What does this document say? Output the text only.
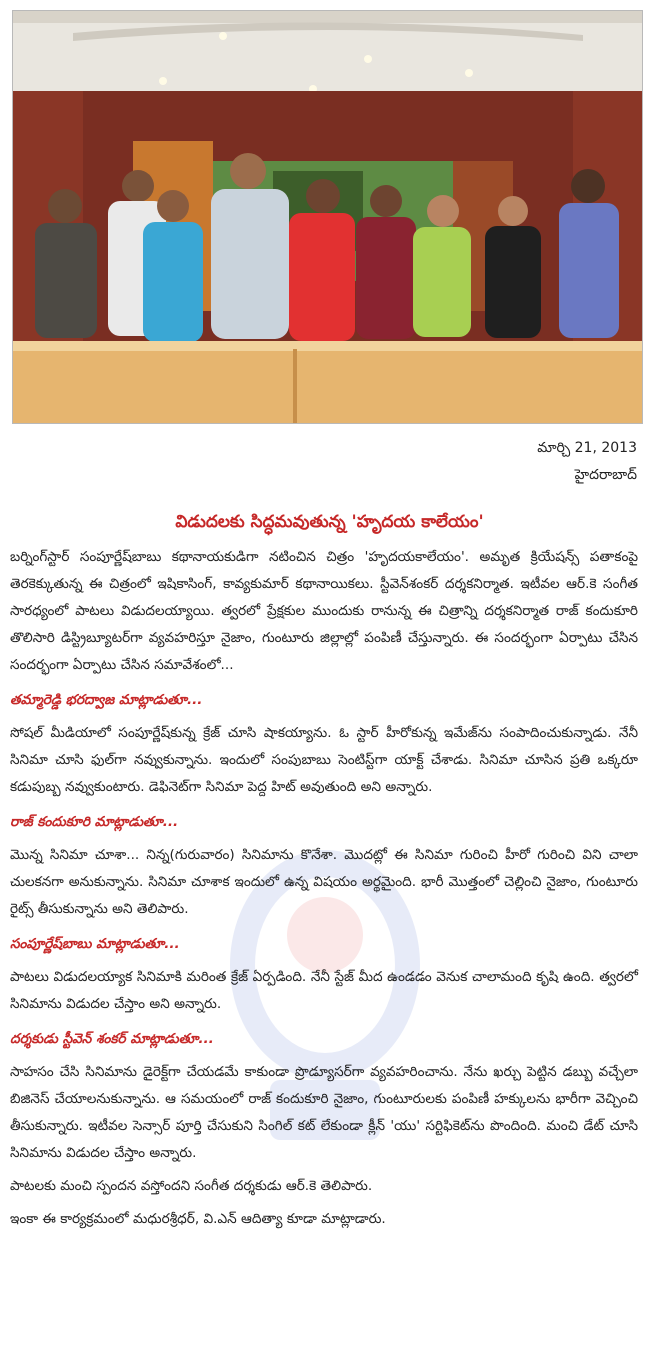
మార్చి 21, 2013
హైదరాబాద్
విడుదలకు సిద్ధమవుతున్న 'హృదయ కాలేయం'

బర్నింగ్‌స్టార్ సంపూర్ణేష్‌బాబు కథానాయకుడిగా నటించిన చిత్రం 'హృదయకాలేయం'. అమృత క్రియేషన్స్ పతాకంపై తెరకెక్కుతున్న ఈ చిత్రంలో ఇషికాసింగ్, కావ్యకుమార్ కథానాయికలు. స్టీవెన్‌శంకర్ దర్శకనిర్మాత. ఇటీవల ఆర్.కె సంగీత సారధ్యంలో పాటలు విడుదలయ్యాయి. త్వరలో ప్రేక్షకుల ముందుకు రానున్న ఈ చిత్రాన్ని దర్శకనిర్మాత రాజ్ కందుకూరి తొలిసారి డిస్ట్రిబ్యూటర్‌గా వ్యవహరిస్తూ నైజాం, గుంటూరు జిల్లాల్లో పంపిణీ చేస్తున్నారు. ఈ సందర్భంగా ఏర్పాటు చేసిన సందర్భంగా ఏర్పాటు చేసిన సమావేశంలో...

తమ్మారెడ్డి భరద్వాజ మాట్లాడుతూ...

సోషల్ మీడియాలో సంపూర్ణేష్‌కున్న క్రేజ్ చూసి షాకయ్యాను. ఓ స్టార్ హీరోకున్న ఇమేజ్‌ను సంపాదించుకున్నాడు. నేనీ సినిమా చూసి ఫుల్‌గా నవ్వుకున్నాను. ఇందులో సంపుబాబు సెంటిస్ట్‌గా యాక్ట్ చేశాడు. సినిమా చూసిన ప్రతి ఒక్కరూ కడుపుబ్బ నవ్వుకుంటారు. డెఫినెట్‌గా సినిమా పెద్ద హిట్ అవుతుంది అని అన్నారు.

రాజ్ కందుకూరి మాట్లాడుతూ...

మొన్న సినిమా చూశా... నిన్న(గురువారం) సినిమాను కొనేశా. మొదట్లో ఈ సినిమా గురించి హీరో గురించి విని చాలా చులకనగా అనుకున్నాను. సినిమా చూశాక ఇందులో ఉన్న విషయం అర్థమైంది. భారీ మొత్తంలో చెల్లించి నైజాం, గుంటూరు రైట్స్ తీసుకున్నాను అని తెలిపారు.

సంపూర్ణేష్‌బాబు మాట్లాడుతూ...

పాటలు విడుదలయ్యాక సినిమాకి మరింత క్రేజ్ ఏర్పడింది. నేనీ స్టేజ్ మీద ఉండడం వెనుక చాలామంది కృషి ఉంది. త్వరలో సినిమాను విడుదల చేస్తాం అని అన్నారు.

దర్శకుడు స్టీవెన్ శంకర్ మాట్లాడుతూ...

సాహసం చేసి సినిమాను డైరెక్ట్‌గా చేయడమే కాకుండా ప్రొడ్యూసర్‌గా వ్యవహరించాను. నేను ఖర్చు పెట్టిన డబ్బు వచ్చేలా బిజినెస్ చేయాలనుకున్నాను. ఆ సమయంలో రాజ్ కందుకూరి నైజాం, గుంటూరులకు పంపిణీ హక్కులను భారీగా వెచ్చించి తీసుకున్నారు. ఇటీవల సెన్సార్ పూర్తి చేసుకుని సింగిల్ కట్ లేకుండా క్లీన్ 'యు' సర్టిఫికెట్‌ను పొందింది. మంచి డేట్ చూసి సినిమాను విడుదల చేస్తాం అన్నారు.

పాటలకు మంచి స్పందన వస్తోందని సంగీత దర్శకుడు ఆర్.కె తెలిపారు.

ఇంకా ఈ కార్యక్రమంలో మధురశ్రీధర్, వి.ఎన్ ఆదిత్యా కూడా మాట్లాడారు.
